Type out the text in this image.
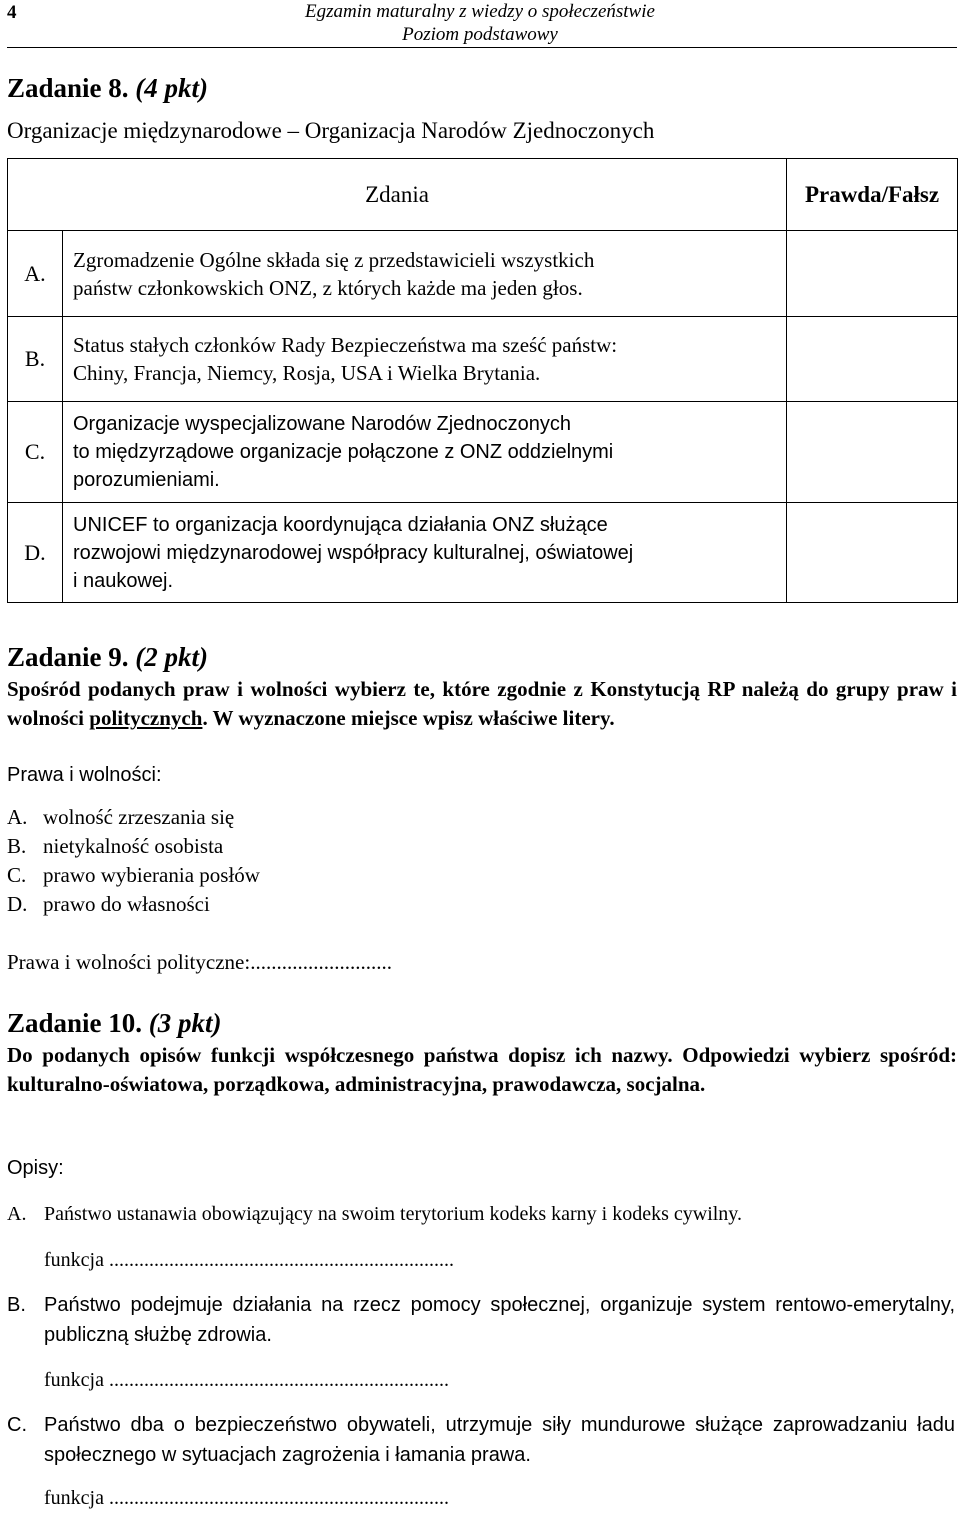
4	Egzamin maturalny z wiedzy o społeczeństwie
Poziom podstawowy
Zadanie 8. (4 pkt)
Organizacje międzynarodowe – Organizacja Narodów Zjednoczonych
Zdania		Prawda/Fałsz
A.	Zgromadzenie Ogólne składa się z przedstawicieli wszystkich
państw członkowskich ONZ, z których każde ma jeden głos.	

B.	Status stałych członków Rady Bezpieczeństwa ma sześć państw:
Chiny, Francja, Niemcy, Rosja, USA i Wielka Brytania.	

C.	Organizacje wyspecjalizowane Narodów Zjednoczonych
to międzyrządowe organizacje połączone z ONZ oddzielnymi
porozumieniami.	

D.	UNICEF to organizacja koordynująca działania ONZ służące
rozwojowi międzynarodowej współpracy kulturalnej, oświatowej
i naukowej.	

Zadanie 9. (2 pkt)
Spośród podanych praw i wolności wybierz te, które zgodnie z Konstytucją RP należą do grupy praw i wolności politycznych. W wyznaczone miejsce wpisz właściwe litery.
Prawa i wolności:
A. wolność zrzeszania się
B. nietykalność osobista
C. prawo wybierania posłów
D. prawo do własności
Prawa i wolności polityczne:...........................
Zadanie 10. (3 pkt)
Do podanych opisów funkcji współczesnego państwa dopisz ich nazwy. Odpowiedzi wybierz spośród: kulturalno-oświatowa, porządkowa, administracyjna, prawodawcza, socjalna.
Opisy:
A. Państwo ustanawia obowiązujący na swoim terytorium kodeks karny i kodeks cywilny.
funkcja .....................................................................
B. Państwo podejmuje działania na rzecz pomocy społecznej, organizuje system rentowo-emerytalny, publiczną służbę zdrowia.
funkcja ....................................................................
C. Państwo dba o bezpieczeństwo obywateli, utrzymuje siły mundurowe służące zaprowadzaniu ładu społecznego w sytuacjach zagrożenia i łamania prawa.
funkcja ....................................................................
